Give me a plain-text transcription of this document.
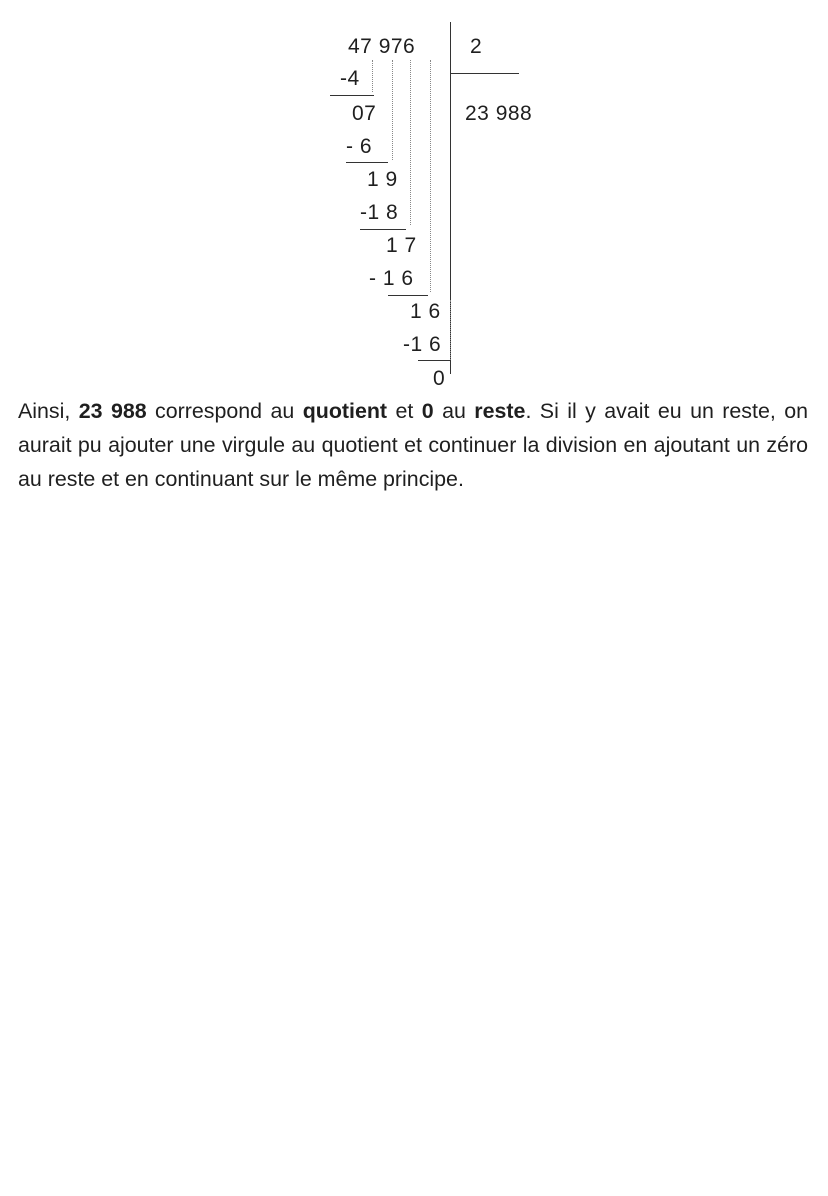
47 976	2
23 988
-4
07
- 6
1 9
-1 8
1 7
- 1 6
1 6
-1 6
0

Ainsi, 23 988 correspond au quotient et 0 au reste. Si il y avait eu un reste, on aurait pu ajouter une virgule au quotient et continuer la division en ajoutant un zéro au reste et en continuant sur le même principe.
